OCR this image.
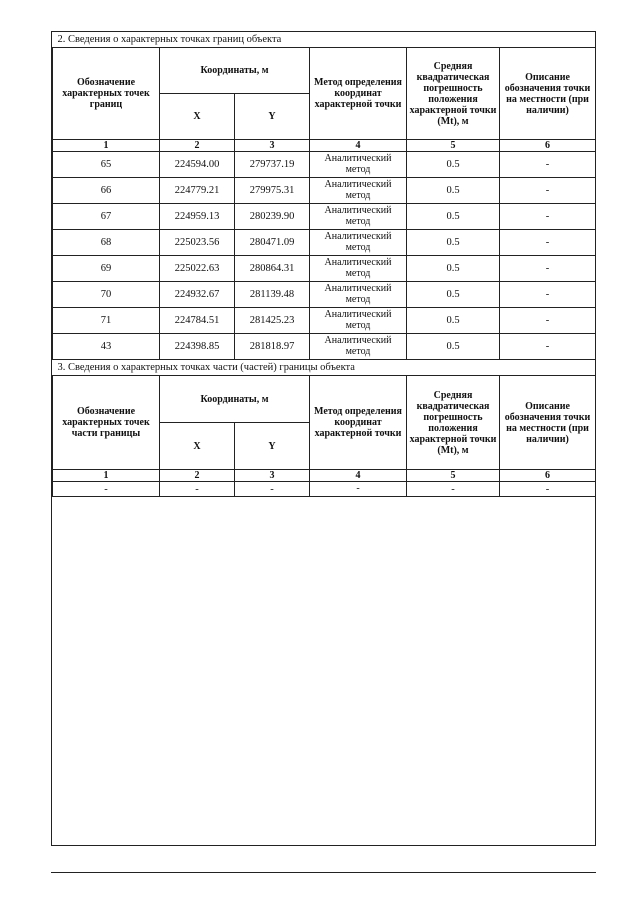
2. Сведения о характерных точках границ объекта					
Обозначение характерных точек границ	Координаты, м		Метод определения координат характерной точки	Средняя квадратическая погрешность положения характерной точки (Mt), м	Описание обозначения точки на местности (при наличии)
	X	Y			
1	2	3	4	5	6
65	224594.00	279737.19	Аналитический метод	0.5	-
66	224779.21	279975.31	Аналитический метод	0.5	-
67	224959.13	280239.90	Аналитический метод	0.5	-
68	225023.56	280471.09	Аналитический метод	0.5	-
69	225022.63	280864.31	Аналитический метод	0.5	-
70	224932.67	281139.48	Аналитический метод	0.5	-
71	224784.51	281425.23	Аналитический метод	0.5	-
43	224398.85	281818.97	Аналитический метод	0.5	-
3. Сведения о характерных точках части (частей) границы объекта					
Обозначение характерных точек части границы	Координаты, м		Метод определения координат характерной точки	Средняя квадратическая погрешность положения характерной точки (Mt), м	Описание обозначения точки на местности (при наличии)
	X	Y			
1	2	3	4	5	6
-	-	-	-	-	-
